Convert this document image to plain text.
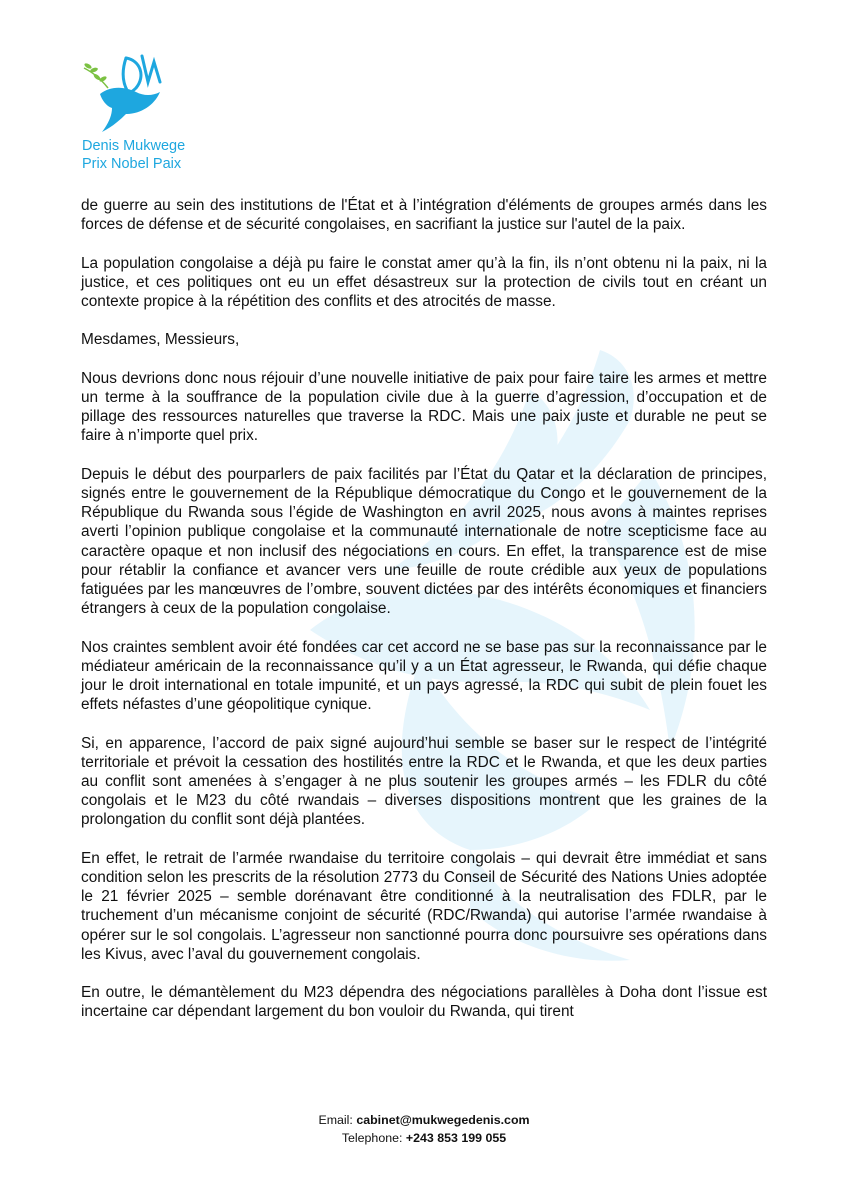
Denis Mukwege
Prix Nobel Paix

de guerre au sein des institutions de l'État et à l’intégration d'éléments de groupes armés dans les forces de défense et de sécurité congolaises, en sacrifiant la justice sur l'autel de la paix.

La population congolaise a déjà pu faire le constat amer qu’à la fin, ils n’ont obtenu ni la paix, ni la justice, et ces politiques ont eu un effet désastreux sur la protection de civils tout en créant un contexte propice à la répétition des conflits et des atrocités de masse.

Mesdames, Messieurs,

Nous devrions donc nous réjouir d’une nouvelle initiative de paix pour faire taire les armes et mettre un terme à la souffrance de la population civile due à la guerre d’agression, d’occupation et de pillage des ressources naturelles que traverse la RDC. Mais une paix juste et durable ne peut se faire à n’importe quel prix.

Depuis le début des pourparlers de paix facilités par l’État du Qatar et la déclaration de principes, signés entre le gouvernement de la République démocratique du Congo et le gouvernement de la République du Rwanda sous l’égide de Washington en avril 2025, nous avons à maintes reprises averti l’opinion publique congolaise et la communauté internationale de notre scepticisme face au caractère opaque et non inclusif des négociations en cours. En effet, la transparence est de mise pour rétablir la confiance et avancer vers une feuille de route crédible aux yeux de populations fatiguées par les manœuvres de l’ombre, souvent dictées par des intérêts économiques et financiers étrangers à ceux de la population congolaise.

Nos craintes semblent avoir été fondées car cet accord ne se base pas sur la reconnaissance par le médiateur américain de la reconnaissance qu’il y a un État agresseur, le Rwanda, qui défie chaque jour le droit international en totale impunité, et un pays agressé, la RDC qui subit de plein fouet les effets néfastes d’une géopolitique cynique.

Si, en apparence, l’accord de paix signé aujourd’hui semble se baser sur le respect de l’intégrité territoriale et prévoit la cessation des hostilités entre la RDC et le Rwanda, et que les deux parties au conflit sont amenées à s’engager à ne plus soutenir les groupes armés – les FDLR du côté congolais et le M23 du côté rwandais – diverses dispositions montrent que les graines de la prolongation du conflit sont déjà plantées.

En effet, le retrait de l’armée rwandaise du territoire congolais – qui devrait être immédiat et sans condition selon les prescrits de la résolution 2773 du Conseil de Sécurité des Nations Unies adoptée le 21 février 2025 – semble dorénavant être conditionné à la neutralisation des FDLR, par le truchement d’un mécanisme conjoint de sécurité (RDC/Rwanda) qui autorise l’armée rwandaise à opérer sur le sol congolais. L’agresseur non sanctionné pourra donc poursuivre ses opérations dans les Kivus, avec l’aval du gouvernement congolais.

En outre, le démantèlement du M23 dépendra des négociations parallèles à Doha dont l’issue est incertaine car dépendant largement du bon vouloir du Rwanda, qui tirent

Email: cabinet@mukwegedenis.com
Telephone: +243 853 199 055
